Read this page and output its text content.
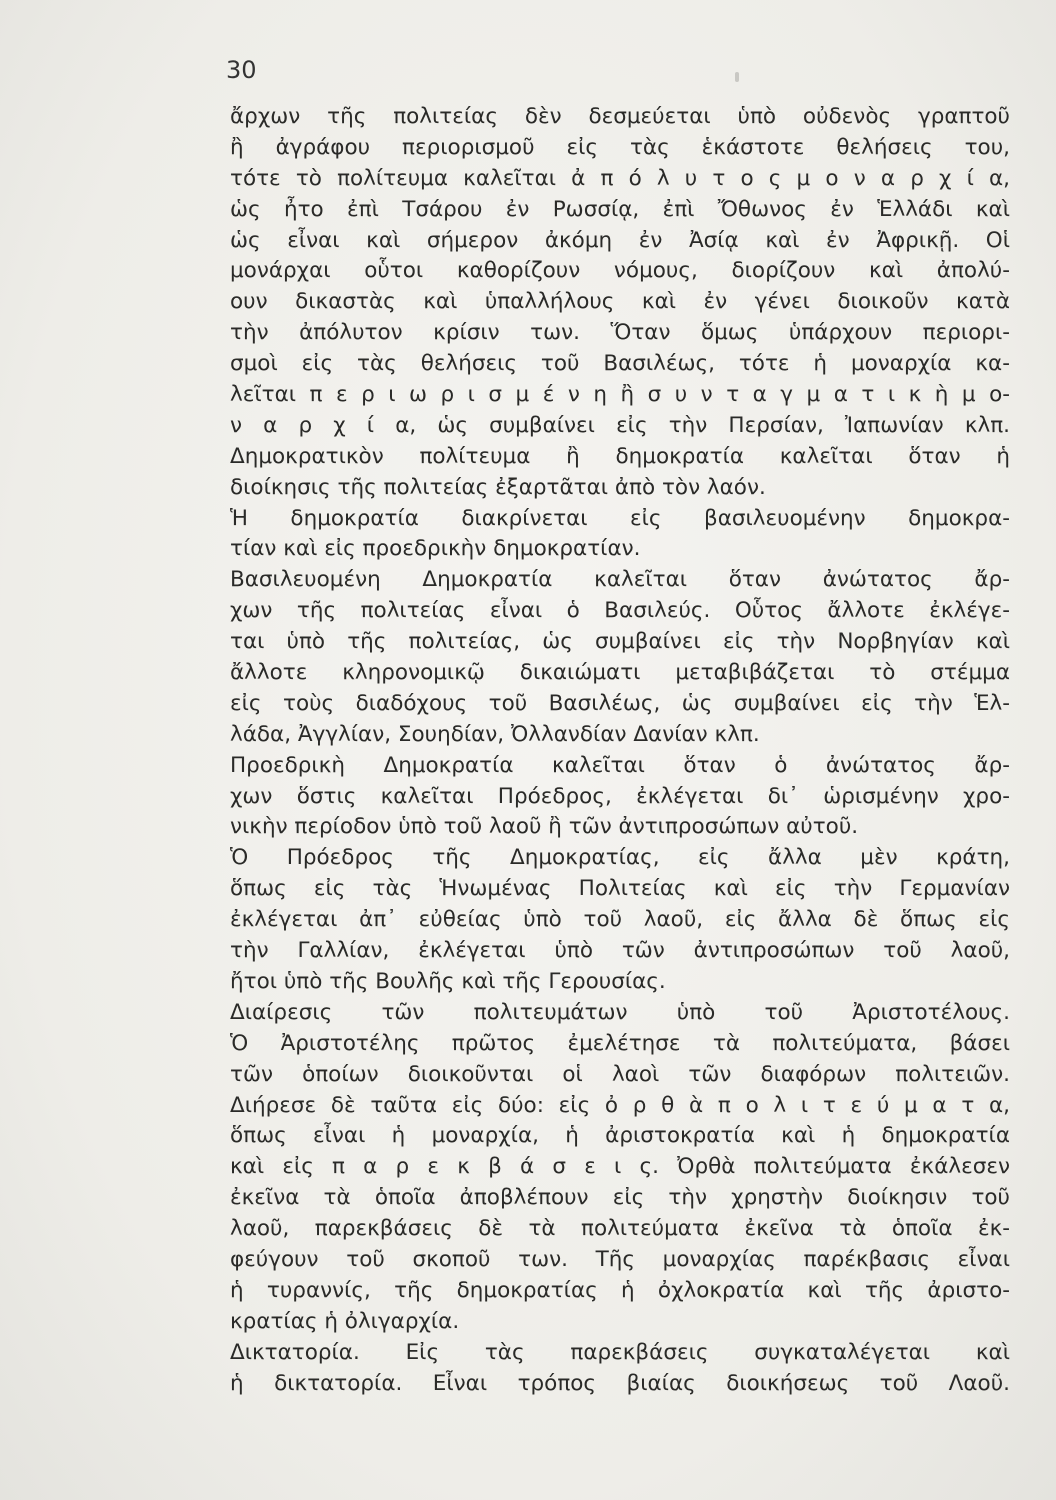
30
ἄρχων τῆς πολιτείας δὲν δεσμεύεται ὑπὸ οὐδενὸς γραπτοῦ
ἢ ἀγράφου περιορισμοῦ εἰς τὰς ἑκάστοτε θελήσεις του,
τότε τὸ πολίτευμα καλεῖται ἀ π ό λ υ τ ο ς μ ο ν α ρ χ ί α,
ὡς ἦτο ἐπὶ Τσάρου ἐν Ρωσσίᾳ, ἐπὶ Ὄθωνος ἐν Ἑλλάδι καὶ
ὡς εἶναι καὶ σήμερον ἀκόμη ἐν Ἀσίᾳ καὶ ἐν Ἀφρικῇ. Οἱ
μονάρχαι οὗτοι καθορίζουν νόμους, διορίζουν καὶ ἀπολύ-
ουν δικαστὰς καὶ ὑπαλλήλους καὶ ἐν γένει διοικοῦν κατὰ
τὴν ἀπόλυτον κρίσιν των. Ὅταν ὅμως ὑπάρχουν περιορι-
σμοὶ εἰς τὰς θελήσεις τοῦ Βασιλέως, τότε ἡ μοναρχία κα-
λεῖται π ε ρ ι ω ρ ι σ μ έ ν η ἢ σ υ ν τ α γ μ α τ ι κ ὴ μ ο-
ν α ρ χ ί α, ὡς συμβαίνει εἰς τὴν Περσίαν, Ἰαπωνίαν κλπ.
Δημοκρατικὸν πολίτευμα ἢ δημοκρατία καλεῖται ὅταν ἡ
διοίκησις τῆς πολιτείας ἐξαρτᾶται ἀπὸ τὸν λαόν.
Ἡ δημοκρατία διακρίνεται εἰς βασιλευομένην δημοκρα-
τίαν καὶ εἰς προεδρικὴν δημοκρατίαν.
Βασιλευομένη Δημοκρατία καλεῖται ὅταν ἀνώτατος ἄρ-
χων τῆς πολιτείας εἶναι ὁ Βασιλεύς. Οὗτος ἄλλοτε ἐκλέγε-
ται ὑπὸ τῆς πολιτείας, ὡς συμβαίνει εἰς τὴν Νορβηγίαν καὶ
ἄλλοτε κληρονομικῷ δικαιώματι μεταβιβάζεται τὸ στέμμα
εἰς τοὺς διαδόχους τοῦ Βασιλέως, ὡς συμβαίνει εἰς τὴν Ἑλ-
λάδα, Ἀγγλίαν, Σουηδίαν, Ὀλλανδίαν Δανίαν κλπ.
Προεδρικὴ Δημοκρατία καλεῖται ὅταν ὁ ἀνώτατος ἄρ-
χων ὅστις καλεῖται Πρόεδρος, ἐκλέγεται δι᾽ ὡρισμένην χρο-
νικὴν περίοδον ὑπὸ τοῦ λαοῦ ἢ τῶν ἀντιπροσώπων αὐτοῦ.
Ὁ Πρόεδρος τῆς Δημοκρατίας, εἰς ἄλλα μὲν κράτη,
ὅπως εἰς τὰς Ἡνωμένας Πολιτείας καὶ εἰς τὴν Γερμανίαν
ἐκλέγεται ἀπ᾽ εὐθείας ὑπὸ τοῦ λαοῦ, εἰς ἄλλα δὲ ὅπως εἰς
τὴν Γαλλίαν, ἐκλέγεται ὑπὸ τῶν ἀντιπροσώπων τοῦ λαοῦ,
ἤτοι ὑπὸ τῆς Βουλῆς καὶ τῆς Γερουσίας.
Διαίρεσις τῶν πολιτευμάτων ὑπὸ τοῦ Ἀριστοτέλους.
Ὁ Ἀριστοτέλης πρῶτος ἐμελέτησε τὰ πολιτεύματα, βάσει
τῶν ὁποίων διοικοῦνται οἱ λαοὶ τῶν διαφόρων πολιτειῶν.
Διήρεσε δὲ ταῦτα εἰς δύο: εἰς ὀ ρ θ ὰ π ο λ ι τ ε ύ μ α τ α,
ὅπως εἶναι ἡ μοναρχία, ἡ ἀριστοκρατία καὶ ἡ δημοκρατία
καὶ εἰς π α ρ ε κ β ά σ ε ι ς. Ὀρθὰ πολιτεύματα ἐκάλεσεν
ἐκεῖνα τὰ ὁποῖα ἀποβλέπουν εἰς τὴν χρηστὴν διοίκησιν τοῦ
λαοῦ, παρεκβάσεις δὲ τὰ πολιτεύματα ἐκεῖνα τὰ ὁποῖα ἐκ-
φεύγουν τοῦ σκοποῦ των. Τῆς μοναρχίας παρέκβασις εἶναι
ἡ τυραννίς, τῆς δημοκρατίας ἡ ὀχλοκρατία καὶ τῆς ἀριστο-
κρατίας ἡ ὀλιγαρχία.
Δικτατορία. Εἰς τὰς παρεκβάσεις συγκαταλέγεται καὶ
ἡ δικτατορία. Εἶναι τρόπος βιαίας διοικήσεως τοῦ Λαοῦ.
